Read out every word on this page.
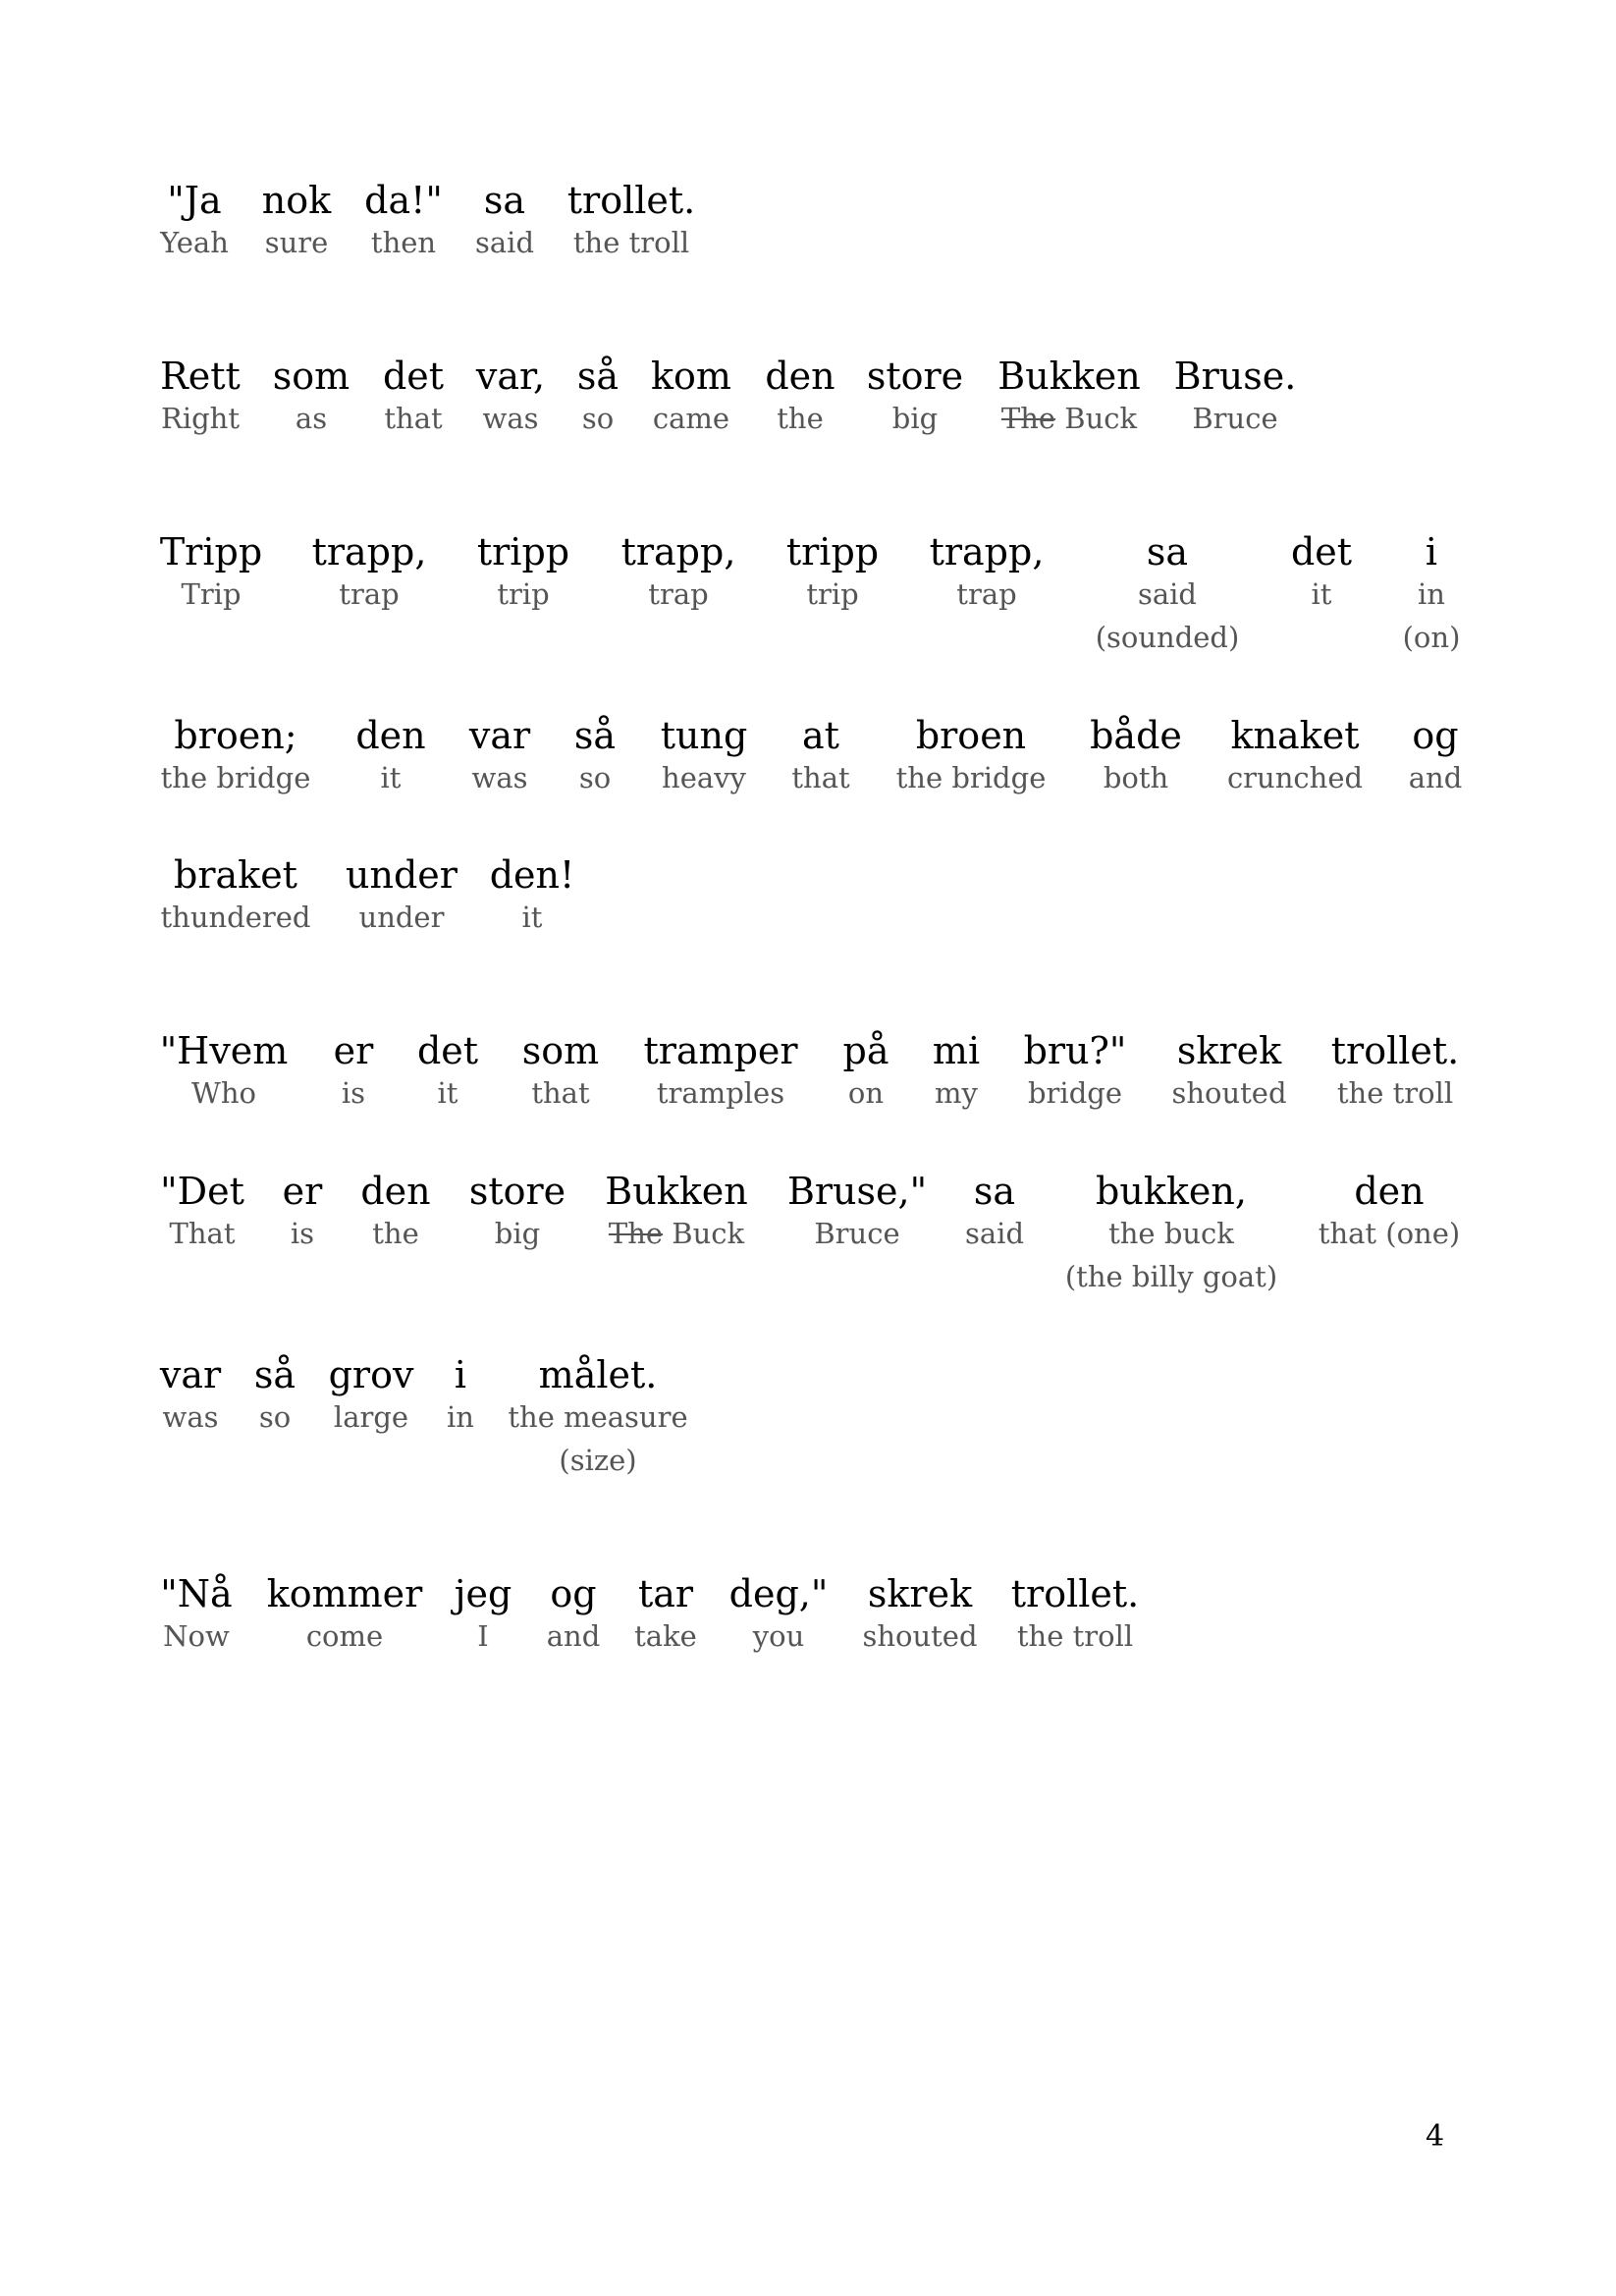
"Ja
Yeah
nok
sure
da!"
then
sa
said
trollet.
the troll
Rett
Right
som
as
det
that
var,
was
så
so
kom
came
den
the
store
big
Bukken
The Buck
Bruse.
Bruce
Tripp
Trip
trapp,
trap
tripp
trip
trapp,
trap
tripp
trip
trapp,
trap
sa
said
(sounded)
det
it
i
in
(on)
broen;
the bridge
den
it
var
was
så
so
tung
heavy
at
that
broen
the bridge
både
both
knaket
crunched
og
and
braket
thundered
under
under
den!
it
"Hvem
Who
er
is
det
it
som
that
tramper
tramples
på
on
mi
my
bru?"
bridge
skrek
shouted
trollet.
the troll
"Det
That
er
is
den
the
store
big
Bukken
The Buck
Bruse,"
Bruce
sa
said
bukken,
the buck
(the billy goat)
den
that (one)
var
was
så
so
grov
large
i
in
målet.
the measure
(size)
"Nå
Now
kommer
come
jeg
I
og
and
tar
take
deg,"
you
skrek
shouted
trollet.
the troll
4
